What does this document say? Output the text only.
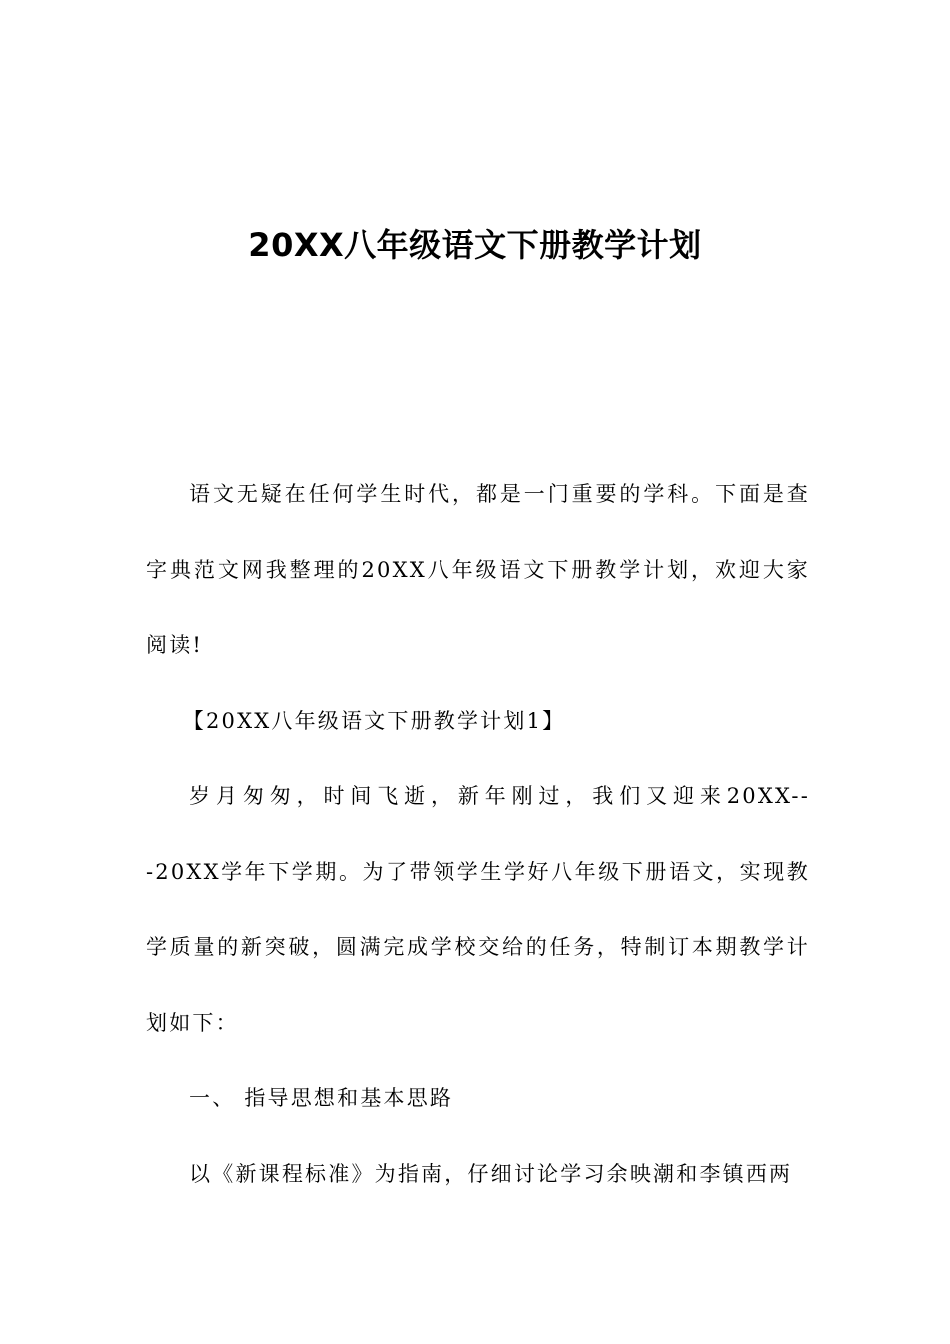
20XX八年级语文下册教学计划

语文无疑在任何学生时代，都是一门重要的学科。下面是查字典范文网我整理的20XX八年级语文下册教学计划，欢迎大家阅读!

【20XX八年级语文下册教学计划1】

岁月匆匆，时间飞逝，新年刚过，我们又迎来20XX---20XX学年下学期。为了带领学生学好八年级下册语文，实现教学质量的新突破，圆满完成学校交给的任务，特制订本期教学计划如下：

一、 指导思想和基本思路

以《新课程标准》为指南，仔细讨论学习余映潮和李镇西两
